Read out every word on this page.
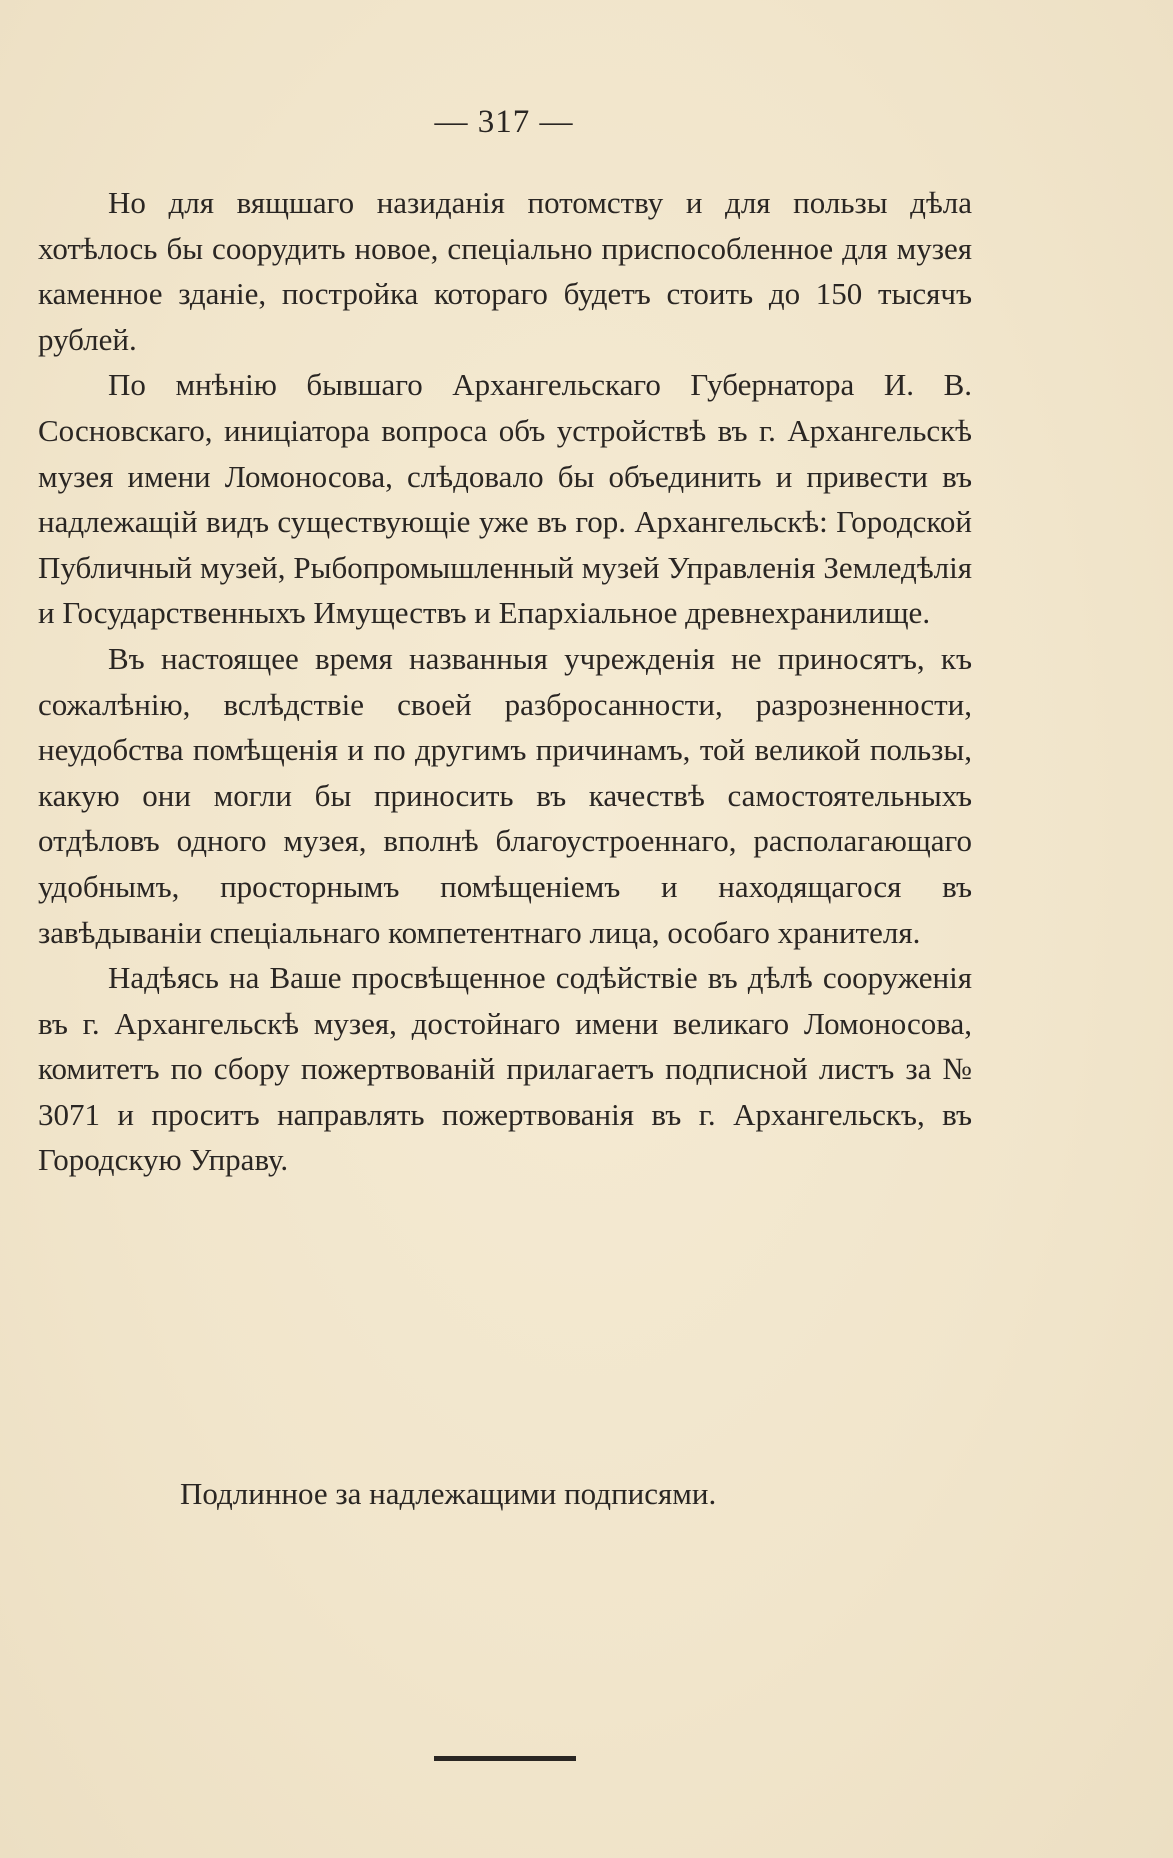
— 317 —

Но для вящшаго назиданія потомству и для пользы дѣла хотѣлось бы соорудить новое, спеціально приспособленное для музея каменное зданіе, постройка котораго будетъ стоить до 150 тысячъ рублей.

По мнѣнію бывшаго Архангельскаго Губернатора И. В. Сосновскаго, иниціатора вопроса объ устройствѣ въ г. Архангельскѣ музея имени Ломоносова, слѣдовало бы объединить и привести въ надлежащій видъ существующіе уже въ гор. Архангельскѣ: Городской Публичный музей, Рыбопромышленный музей Управленія Земледѣлія и Государственныхъ Имуществъ и Епархіальное древнехранилище.

Въ настоящее время названныя учрежденія не приносятъ, къ сожалѣнію, вслѣдствіе своей разбросанности, разрозненности, неудобства помѣщенія и по другимъ причинамъ, той великой пользы, какую они могли бы приносить въ качествѣ самостоятельныхъ отдѣловъ одного музея, вполнѣ благоустроеннаго, располагающаго удобнымъ, просторнымъ помѣщеніемъ и находящагося въ завѣдываніи спеціальнаго компетентнаго лица, особаго хранителя.

Надѣясь на Ваше просвѣщенное содѣйствіе въ дѣлѣ сооруженія въ г. Архангельскѣ музея, достойнаго имени великаго Ломоносова, комитетъ по сбору пожертвованій прилагаетъ подписной листъ за № 3071 и проситъ направлять пожертвованія въ г. Архангельскъ, въ Городскую Управу.

Подлинное за надлежащими подписями.
